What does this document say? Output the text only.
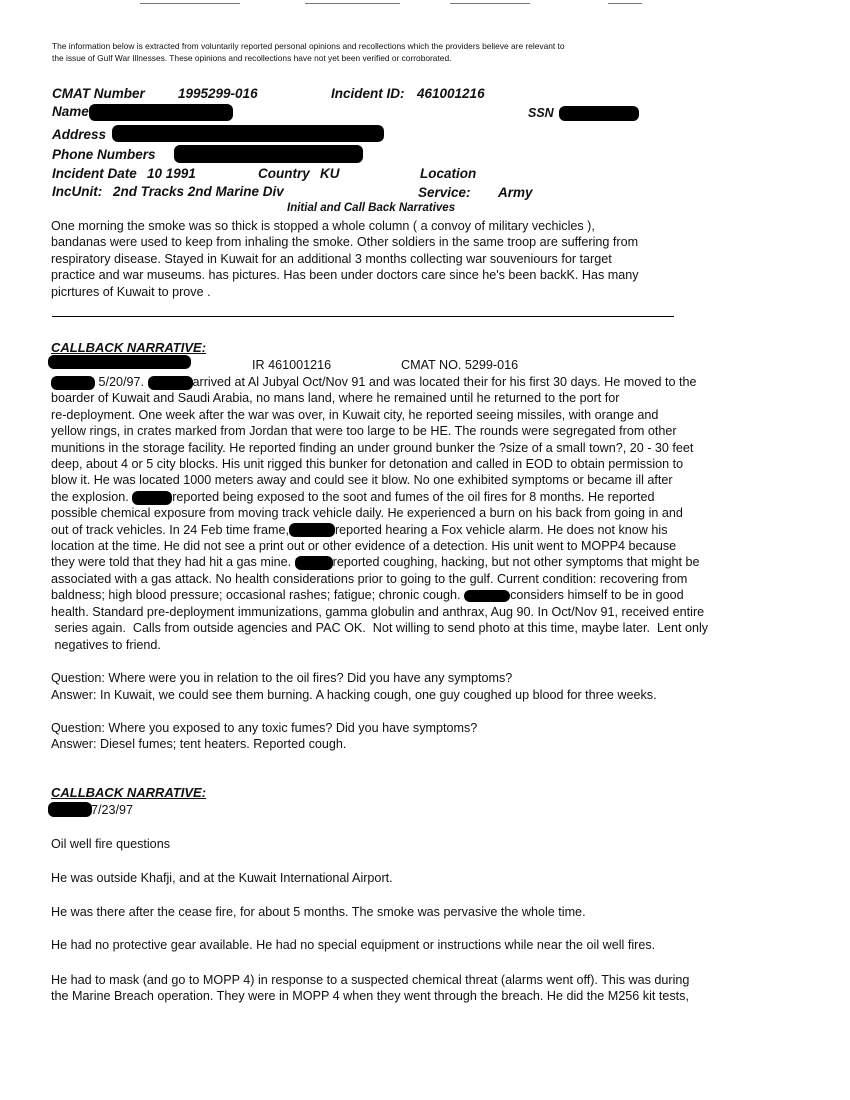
The information below is extracted from voluntarily reported personal opinions and recollections which the providers believe are relevant to the issue of Gulf War Illnesses. These opinions and recollections have not yet been verified or corroborated.
CMAT Number 1995299-016	Incident ID: 461001216
Name	SSN
Address
Phone Numbers
Incident Date 10 1991	Country KU	Location
IncUnit: 2nd Tracks 2nd Marine Div	Service: Army
Initial and Call Back Narratives
One morning the smoke was so thick is stopped a whole column ( a convoy of military vechicles ),
bandanas were used to keep from inhaling the smoke. Other soldiers in the same troop are suffering from
respiratory disease. Stayed in Kuwait for an additional 3 months collecting war souveniours for target
practice and war museums. has pictures. Has been under doctors care since he's been backK. Has many
picrtures of Kuwait to prove .
CALLBACK NARRATIVE:
IR 461001216	CMAT NO. 5299-016
5/20/97.	arrived at Al Jubyal Oct/Nov 91 and was located their for his first 30 days. He moved to the
boarder of Kuwait and Saudi Arabia, no mans land, where he remained until he returned to the port for
re-deployment. One week after the war was over, in Kuwait city, he reported seeing missiles, with orange and
yellow rings, in crates marked from Jordan that were too large to be HE. The rounds were segregated from other
munitions in the storage facility. He reported finding an under ground bunker the ?size of a small town?, 20 - 30 feet
deep, about 4 or 5 city blocks. His unit rigged this bunker for detonation and called in EOD to obtain permission to
blow it. He was located 1000 meters away and could see it blow. No one exhibited symptoms or became ill after
the explosion.	reported being exposed to the soot and fumes of the oil fires for 8 months. He reported
possible chemical exposure from moving track vehicle daily. He experienced a burn on his back from going in and
out of track vehicles. In 24 Feb time frame,	reported hearing a Fox vehicle alarm. He does not know his
location at the time. He did not see a print out or other evidence of a detection. His unit went to MOPP4 because
they were told that they had hit a gas mine.	reported coughing, hacking, but not other symptoms that might be
associated with a gas attack. No health considerations prior to going to the gulf. Current condition: recovering from
baldness; high blood pressure; occasional rashes; fatigue; chronic cough.	considers himself to be in good
health. Standard pre-deployment immunizations, gamma globulin and anthrax, Aug 90. In Oct/Nov 91, received entire
series again.  Calls from outside agencies and PAC OK.  Not willing to send photo at this time, maybe later.  Lent only
negatives to friend.
Question: Where were you in relation to the oil fires? Did you have any symptoms?
Answer: In Kuwait, we could see them burning. A hacking cough, one guy coughed up blood for three weeks.
Question: Where you exposed to any toxic fumes? Did you have symptoms?
Answer: Diesel fumes; tent heaters. Reported cough.
CALLBACK NARRATIVE:
7/23/97
Oil well fire questions
He was outside Khafji, and at the Kuwait International Airport.
He was there after the cease fire, for about 5 months. The smoke was pervasive the whole time.
He had no protective gear available. He had no special equipment or instructions while near the oil well fires.
He had to mask (and go to MOPP 4) in response to a suspected chemical threat (alarms went off). This was during
the Marine Breach operation. They were in MOPP 4 when they went through the breach. He did the M256 kit tests,
